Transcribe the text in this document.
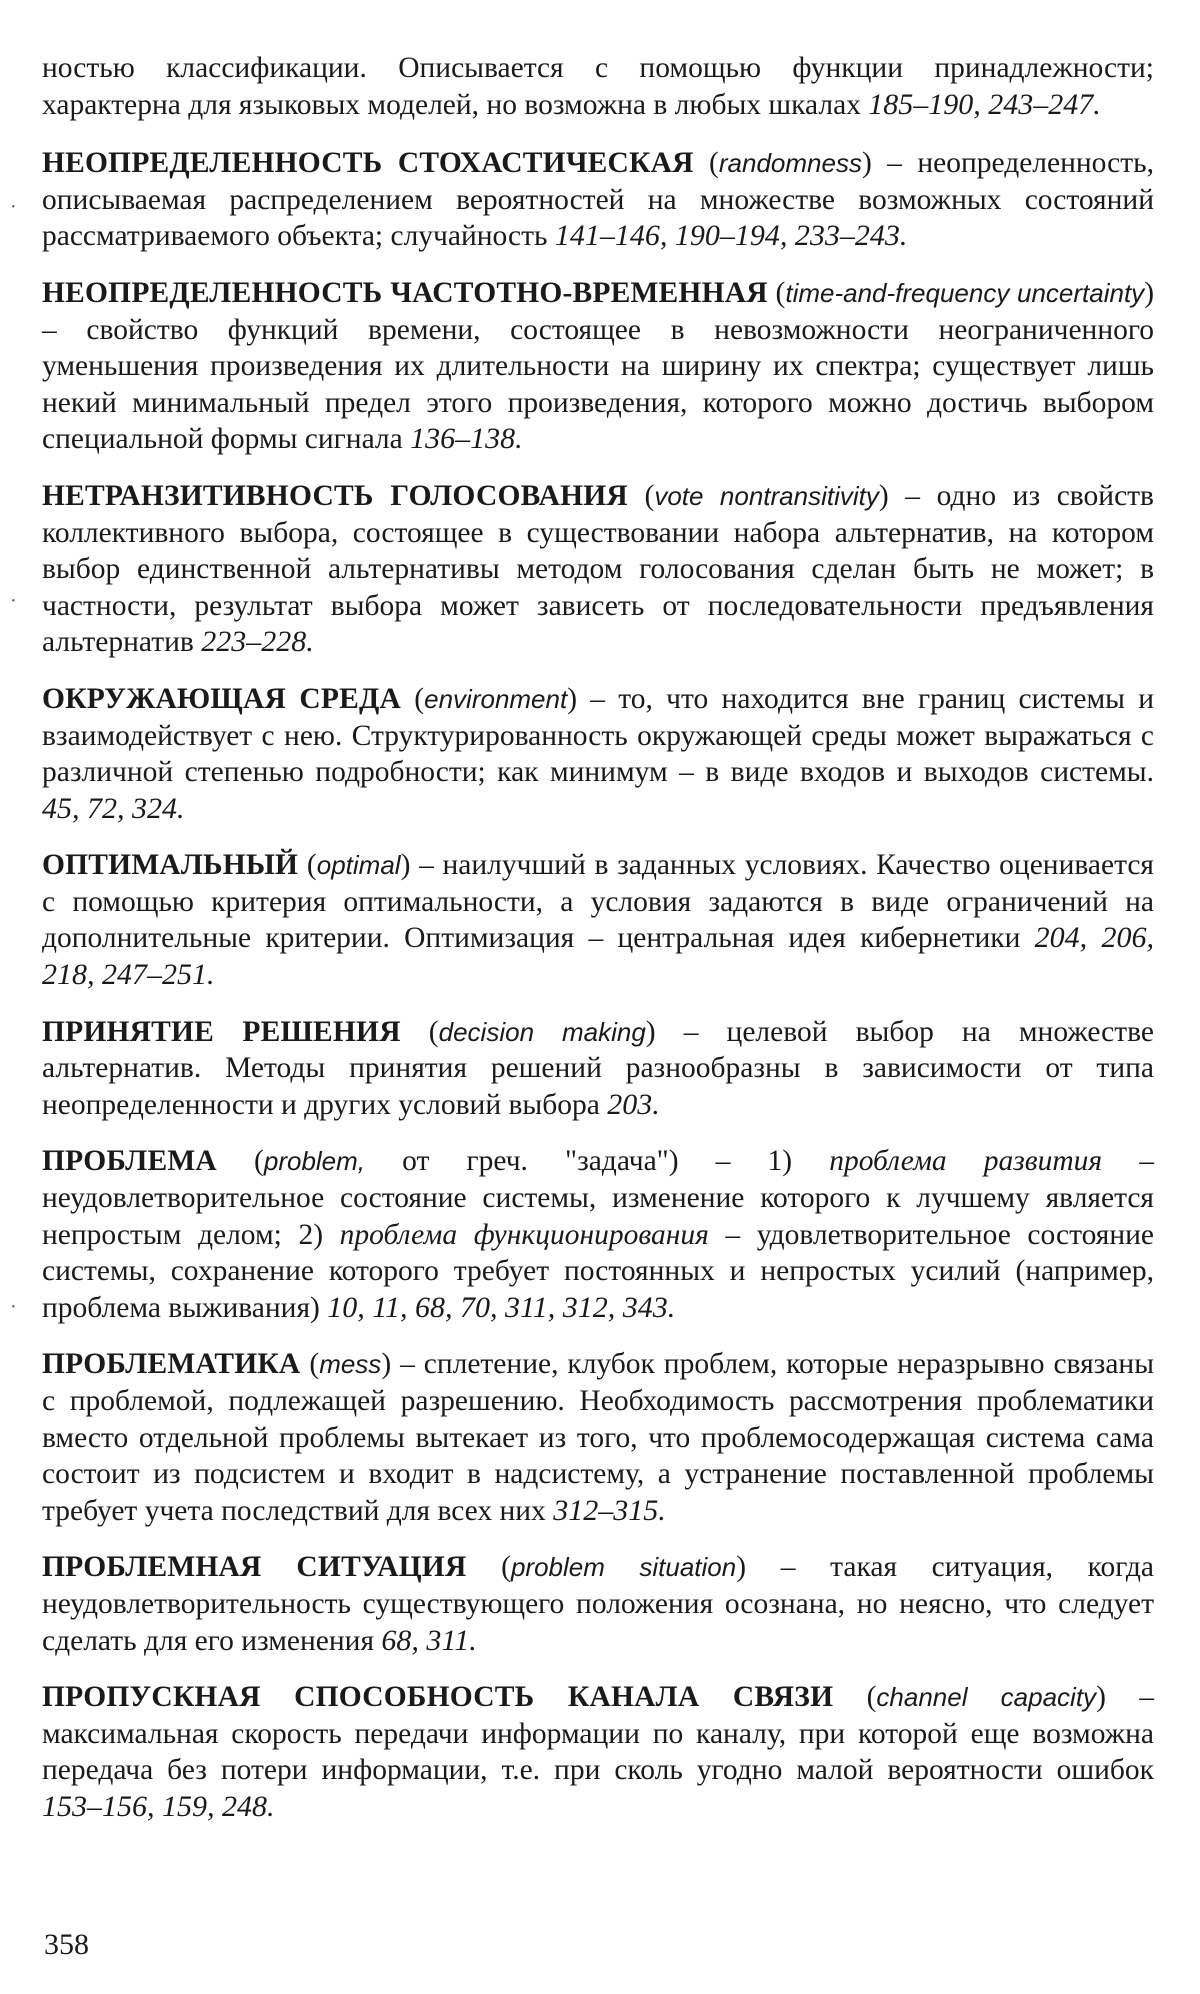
ностью классификации. Описывается с помощью функции принадлежности; характерна для языковых моделей, но возможна в любых шкалах 185–190, 243–247.

НЕОПРЕДЕЛЕННОСТЬ СТОХАСТИЧЕСКАЯ (randomness) – неопределенность, описываемая распределением вероятностей на множестве возможных состояний рассматриваемого объекта; случайность 141–146, 190–194, 233–243.

НЕОПРЕДЕЛЕННОСТЬ ЧАСТОТНО-ВРЕМЕННАЯ (time-and-frequency uncertainty) – свойство функций времени, состоящее в невозможности неограниченного уменьшения произведения их длительности на ширину их спектра; существует лишь некий минимальный предел этого произведения, которого можно достичь выбором специальной формы сигнала 136–138.

НЕТРАНЗИТИВНОСТЬ ГОЛОСОВАНИЯ (vote nontransitivity) – одно из свойств коллективного выбора, состоящее в существовании набора альтернатив, на котором выбор единственной альтернативы методом голосования сделан быть не может; в частности, результат выбора может зависеть от последовательности предъявления альтернатив 223–228.

ОКРУЖАЮЩАЯ СРЕДА (environment) – то, что находится вне границ системы и взаимодействует с нею. Структурированность окружающей среды может выражаться с различной степенью подробности; как минимум – в виде входов и выходов системы. 45, 72, 324.

ОПТИМАЛЬНЫЙ (optimal) – наилучший в заданных условиях. Качество оценивается с помощью критерия оптимальности, а условия задаются в виде ограничений на дополнительные критерии. Оптимизация – центральная идея кибернетики 204, 206, 218, 247–251.

ПРИНЯТИЕ РЕШЕНИЯ (decision making) – целевой выбор на множестве альтернатив. Методы принятия решений разнообразны в зависимости от типа неопределенности и других условий выбора 203.

ПРОБЛЕМА (problem, от греч. "задача") – 1) проблема развития – неудовлетворительное состояние системы, изменение которого к лучшему является непростым делом; 2) проблема функционирования – удовлетворительное состояние системы, сохранение которого требует постоянных и непростых усилий (например, проблема выживания) 10, 11, 68, 70, 311, 312, 343.

ПРОБЛЕМАТИКА (mess) – сплетение, клубок проблем, которые неразрывно связаны с проблемой, подлежащей разрешению. Необходимость рассмотрения проблематики вместо отдельной проблемы вытекает из того, что проблемосодержащая система сама состоит из подсистем и входит в надсистему, а устранение поставленной проблемы требует учета последствий для всех них 312–315.

ПРОБЛЕМНАЯ СИТУАЦИЯ (problem situation) – такая ситуация, когда неудовлетворительность существующего положения осознана, но неясно, что следует сделать для его изменения 68, 311.

ПРОПУСКНАЯ СПОСОБНОСТЬ КАНАЛА СВЯЗИ (channel capacity) – максимальная скорость передачи информации по каналу, при которой еще возможна передача без потери информации, т.е. при сколь угодно малой вероятности ошибок 153–156, 159, 248.

·
·
·
358
